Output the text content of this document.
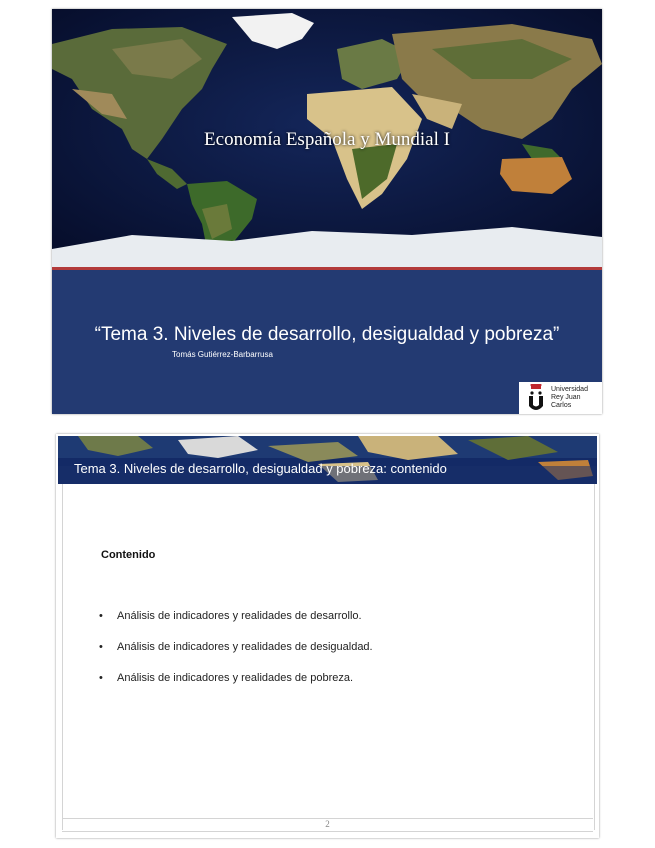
Economía Española y Mundial I
“Tema 3. Niveles de desarrollo, desigualdad y pobreza”
Tomás Gutiérrez-Barbarrusa
Universidad
Rey Juan Carlos
Tema 3. Niveles de desarrollo, desigualdad y pobreza: contenido
Contenido
• Análisis de indicadores y realidades de desarrollo.
• Análisis de indicadores y realidades de desigualdad.
• Análisis de indicadores y realidades de pobreza.
2
